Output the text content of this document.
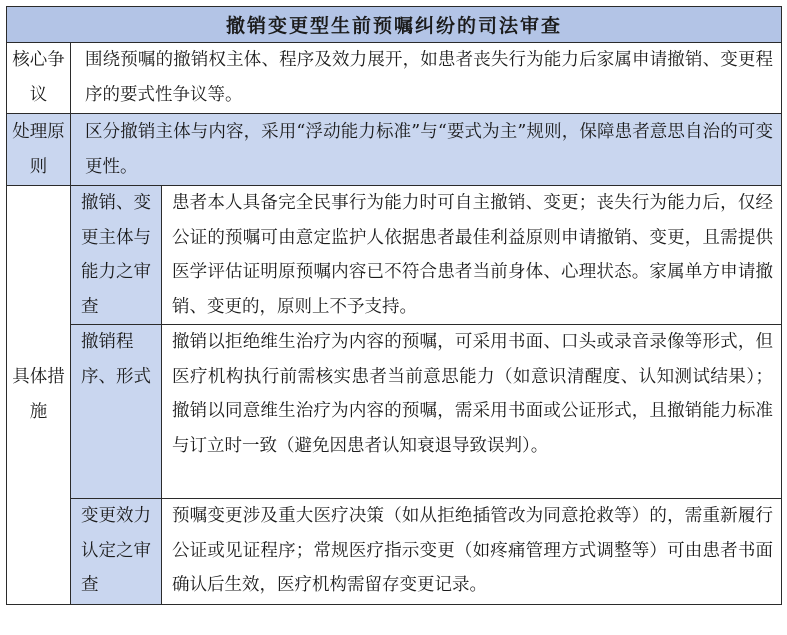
撤销变更型生前预嘱纠纷的司法审查		
核心争议	围绕预嘱的撤销权主体、程序及效力展开，如患者丧失行为能力后家属申请撤销、变更程序的要式性争议等。	
处理原则	区分撤销主体与内容，采用“浮动能力标准”与“要式为主”规则，保障患者意思自治的可变更性。	
具体措施	撤销、变更主体与能力之审查	患者本人具备完全民事行为能力时可自主撤销、变更；丧失行为能力后，仅经公证的预嘱可由意定监护人依据患者最佳利益原则申请撤销、变更，且需提供医学评估证明原预嘱内容已不符合患者当前身体、心理状态。家属单方申请撤销、变更的，原则上不予支持。
	撤销程序、形式	撤销以拒绝维生治疗为内容的预嘱，可采用书面、口头或录音录像等形式，但医疗机构执行前需核实患者当前意思能力（如意识清醒度、认知测试结果）；撤销以同意维生治疗为内容的预嘱，需采用书面或公证形式，且撤销能力标准与订立时一致（避免因患者认知衰退导致误判）。
	变更效力认定之审查	预嘱变更涉及重大医疗决策（如从拒绝插管改为同意抢救等）的，需重新履行公证或见证程序；常规医疗指示变更（如疼痛管理方式调整等）可由患者书面确认后生效，医疗机构需留存变更记录。
